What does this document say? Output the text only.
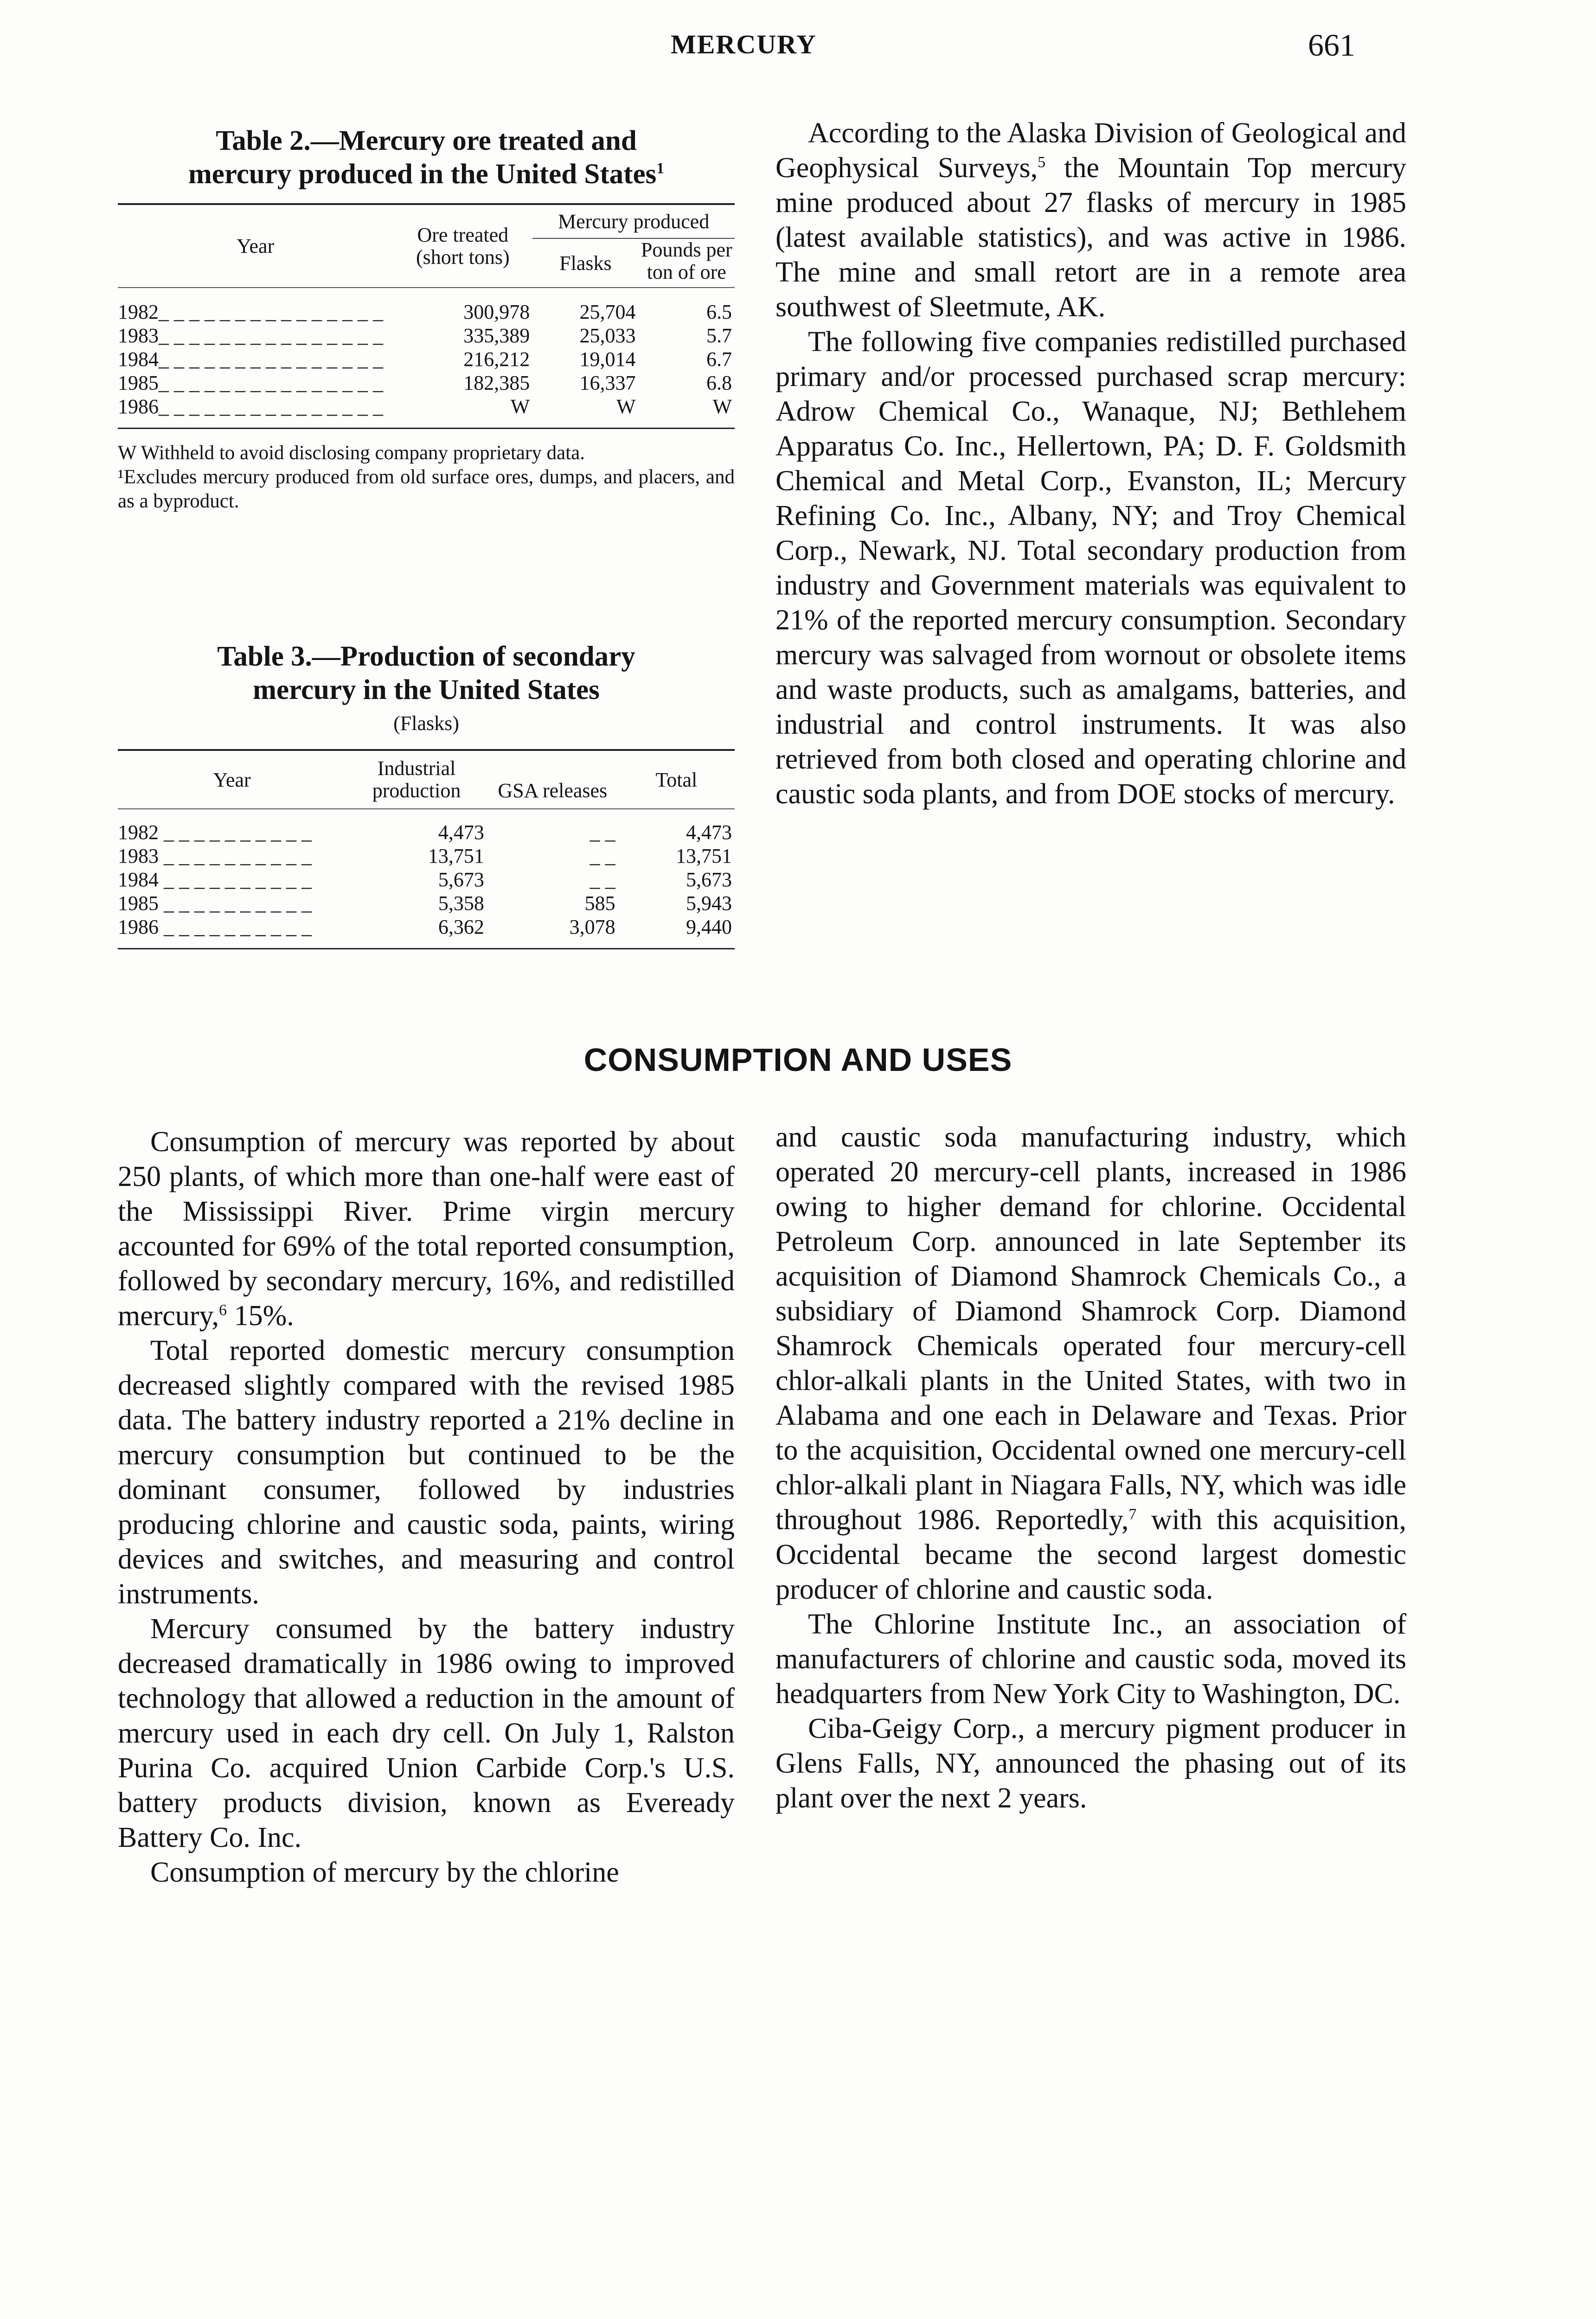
MERCURY	661
Table 2.—Mercury ore treated and
mercury produced in the United States$^1$
Year	Ore treated (short tons)	Mercury produced	
		Flasks	Pounds per ton of ore

1982_ _ _ _ _ _ _ _ _ _ _ _ _ _ _	300,978	25,704	6.5
1983_ _ _ _ _ _ _ _ _ _ _ _ _ _ _	335,389	25,033	5.7
1984_ _ _ _ _ _ _ _ _ _ _ _ _ _ _	216,212	19,014	6.7
1985_ _ _ _ _ _ _ _ _ _ _ _ _ _ _	182,385	16,337	6.8
1986_ _ _ _ _ _ _ _ _ _ _ _ _ _ _	W	W	W

W Withheld to avoid disclosing company proprietary data.
¹Excludes mercury produced from old surface ores, dumps, and placers, and as a byproduct.
Table 3.—Production of secondary
mercury in the United States
(Flasks)
Year	Industrial production	GSA releases	Total

1982 _ _ _ _ _ _ _ _ _ _	4,473	_ _	4,473
1983 _ _ _ _ _ _ _ _ _ _	13,751	_ _	13,751
1984 _ _ _ _ _ _ _ _ _ _	5,673	_ _	5,673
1985 _ _ _ _ _ _ _ _ _ _	5,358	585	5,943
1986 _ _ _ _ _ _ _ _ _ _	6,362	3,078	9,440

According to the Alaska Division of Geological and Geophysical Surveys,$^5$ the Mountain Top mercury mine produced about 27 flasks of mercury in 1985 (latest available statistics), and was active in 1986. The mine and small retort are in a remote area southwest of Sleetmute, AK.

The following five companies redistilled purchased primary and/or processed purchased scrap mercury: Adrow Chemical Co., Wanaque, NJ; Bethlehem Apparatus Co. Inc., Hellertown, PA; D. F. Goldsmith Chemical and Metal Corp., Evanston, IL; Mercury Refining Co. Inc., Albany, NY; and Troy Chemical Corp., Newark, NJ. Total secondary production from industry and Government materials was equivalent to 21% of the reported mercury consumption. Secondary mercury was salvaged from wornout or obsolete items and waste products, such as amalgams, batteries, and industrial and control instruments. It was also retrieved from both closed and operating chlorine and caustic soda plants, and from DOE stocks of mercury.

CONSUMPTION AND USES

Consumption of mercury was reported by about 250 plants, of which more than one-half were east of the Mississippi River. Prime virgin mercury accounted for 69% of the total reported consumption, followed by secondary mercury, 16%, and redistilled mercury,$^6$ 15%.

Total reported domestic mercury consumption decreased slightly compared with the revised 1985 data. The battery industry reported a 21% decline in mercury consumption but continued to be the dominant consumer, followed by industries producing chlorine and caustic soda, paints, wiring devices and switches, and measuring and control instruments.

Mercury consumed by the battery industry decreased dramatically in 1986 owing to improved technology that allowed a reduction in the amount of mercury used in each dry cell. On July 1, Ralston Purina Co. acquired Union Carbide Corp.'s U.S. battery products division, known as Eveready Battery Co. Inc.

Consumption of mercury by the chlorine

and caustic soda manufacturing industry, which operated 20 mercury-cell plants, increased in 1986 owing to higher demand for chlorine. Occidental Petroleum Corp. announced in late September its acquisition of Diamond Shamrock Chemicals Co., a subsidiary of Diamond Shamrock Corp. Diamond Shamrock Chemicals operated four mercury-cell chlor-alkali plants in the United States, with two in Alabama and one each in Delaware and Texas. Prior to the acquisition, Occidental owned one mercury-cell chlor-alkali plant in Niagara Falls, NY, which was idle throughout 1986. Reportedly,$^7$ with this acquisition, Occidental became the second largest domestic producer of chlorine and caustic soda.

The Chlorine Institute Inc., an association of manufacturers of chlorine and caustic soda, moved its headquarters from New York City to Washington, DC.

Ciba-Geigy Corp., a mercury pigment producer in Glens Falls, NY, announced the phasing out of its plant over the next 2 years.
